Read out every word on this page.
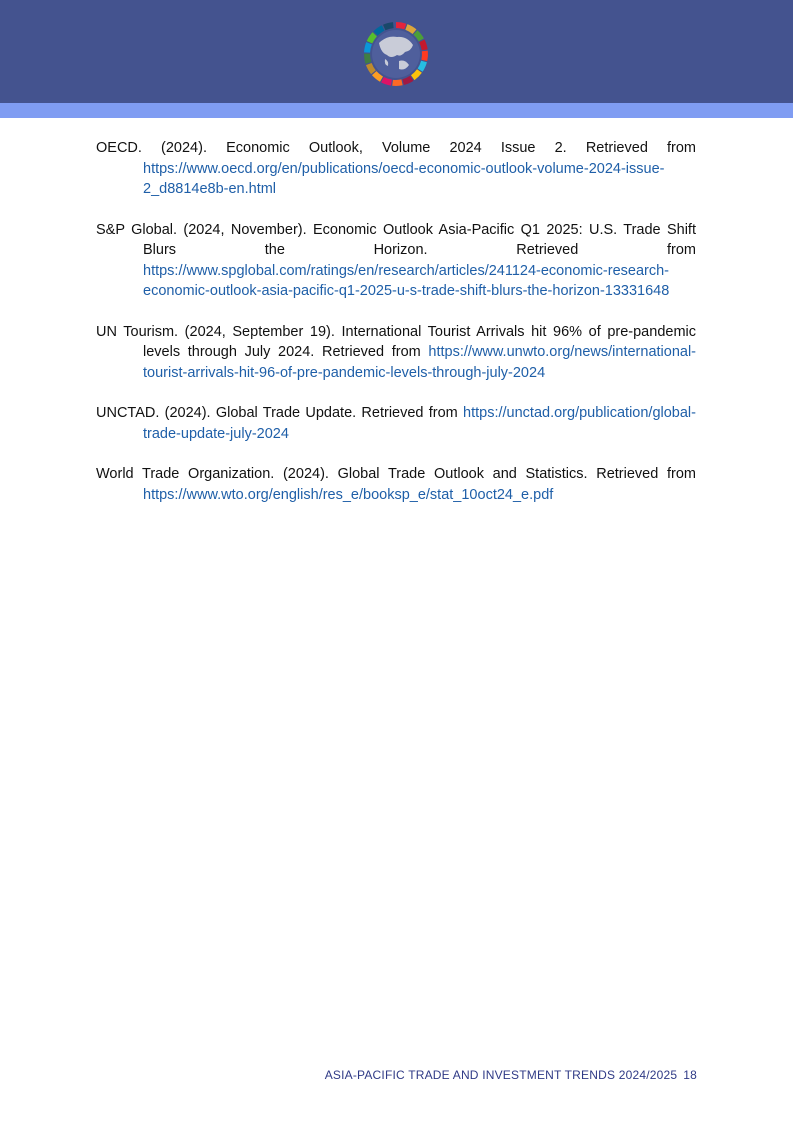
OECD. (2024). Economic Outlook, Volume 2024 Issue 2. Retrieved from https://www.oecd.org/en/publications/oecd-economic-outlook-volume-2024-issue-2_d8814e8b-en.html

S&P Global. (2024, November). Economic Outlook Asia-Pacific Q1 2025: U.S. Trade Shift Blurs the Horizon. Retrieved from https://www.spglobal.com/ratings/en/research/articles/241124-economic-research-economic-outlook-asia-pacific-q1-2025-u-s-trade-shift-blurs-the-horizon-13331648

UN Tourism. (2024, September 19). International Tourist Arrivals hit 96% of pre-pandemic levels through July 2024. Retrieved from https://www.unwto.org/news/international-tourist-arrivals-hit-96-of-pre-pandemic-levels-through-july-2024

UNCTAD. (2024). Global Trade Update. Retrieved from https://unctad.org/publication/global-trade-update-july-2024

World Trade Organization. (2024). Global Trade Outlook and Statistics. Retrieved from https://www.wto.org/english/res_e/booksp_e/stat_10oct24_e.pdf

ASIA-PACIFIC TRADE AND INVESTMENT TRENDS 2024/2025 18
